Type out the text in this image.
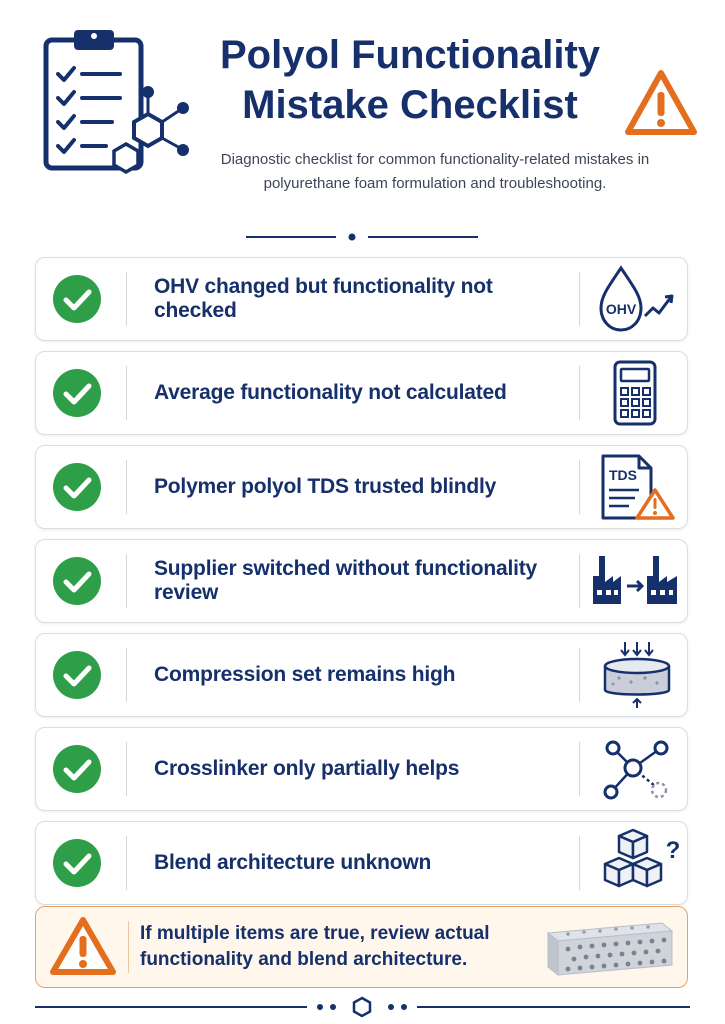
Polyol Functionality
Mistake Checklist

Diagnostic checklist for common functionality-related mistakes in polyurethane foam formulation and troubleshooting.

OHV changed but functionality not checked	OHV
Average functionality not calculated
Polymer polyol TDS trusted blindly	TDS
Supplier switched without functionality review
Compression set remains high
Crosslinker only partially helps
Blend architecture unknown	?
If multiple items are true, review actual
functionality and blend architecture.
